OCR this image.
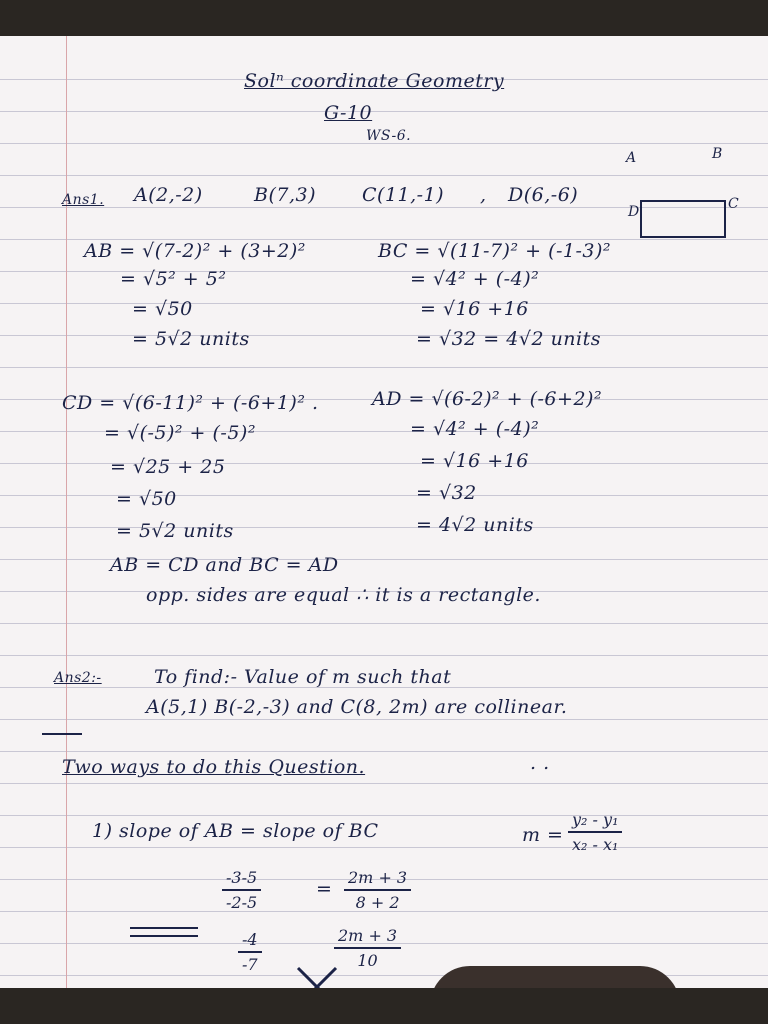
Solⁿ coordinate Geometry
G-10
WS-6.
A	B
C
D
Ans1. A(2,-2)	B(7,3) C(11,-1) , D(6,-6)
AB = √(7-2)² + (3+2)²
= √5² + 5²
= √50
= 5√2 units
BC = √(11-7)² + (-1-3)²
= √4² + (-4)²
= √16 +16
= √32 = 4√2 units
CD = √(6-11)² + (-6+1)² .
= √(-5)² + (-5)²
= √25 + 25
= √50
= 5√2 units
AD = √(6-2)² + (-6+2)²
= √4² + (-4)²
= √16 +16
= √32
= 4√2 units
AB = CD and BC = AD
opp. sides are equal ∴ it is a rectangle.
Ans2:-	To find:- Value of m such that
A(5,1) B(-2,-3) and C(8, 2m) are collinear.
Two ways to do this Question.	. .
1) slope of AB = slope of BC	$m = \frac{\text{y₂ - y₁}}{\text{x₂ - x₁}}$
$\frac{-3-5}{-2-5}$	= $\frac{2m + 3}{8 + 2}$
$\frac{-4}{-7}$	$\frac{2m + 3}{10}$
